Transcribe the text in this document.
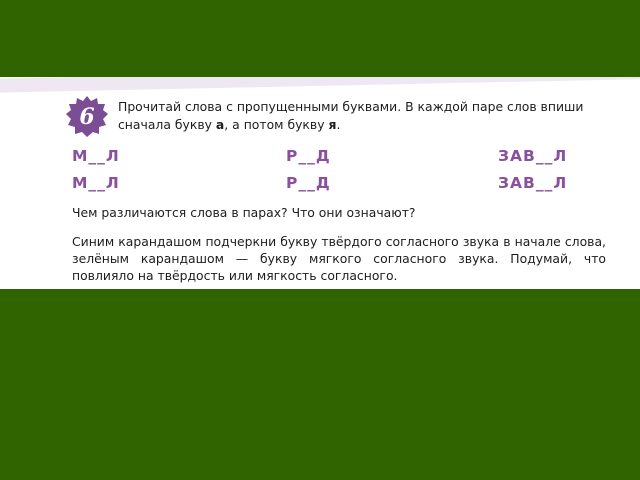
6 Прочитай слова с пропущенными буквами. В каждой паре слов впиши сначала букву а, а потом букву я.
М__Л	Р__Д	ЗАВ__Л
М__Л	Р__Д	ЗАВ__Л
Чем различаются слова в парах? Что они означают?
Синим карандашом подчеркни букву твёрдого согласного звука в начале слова, зелёным карандашом — букву мягкого согласного звука. Подумай, что повлияло на твёрдость или мягкость согласного.
